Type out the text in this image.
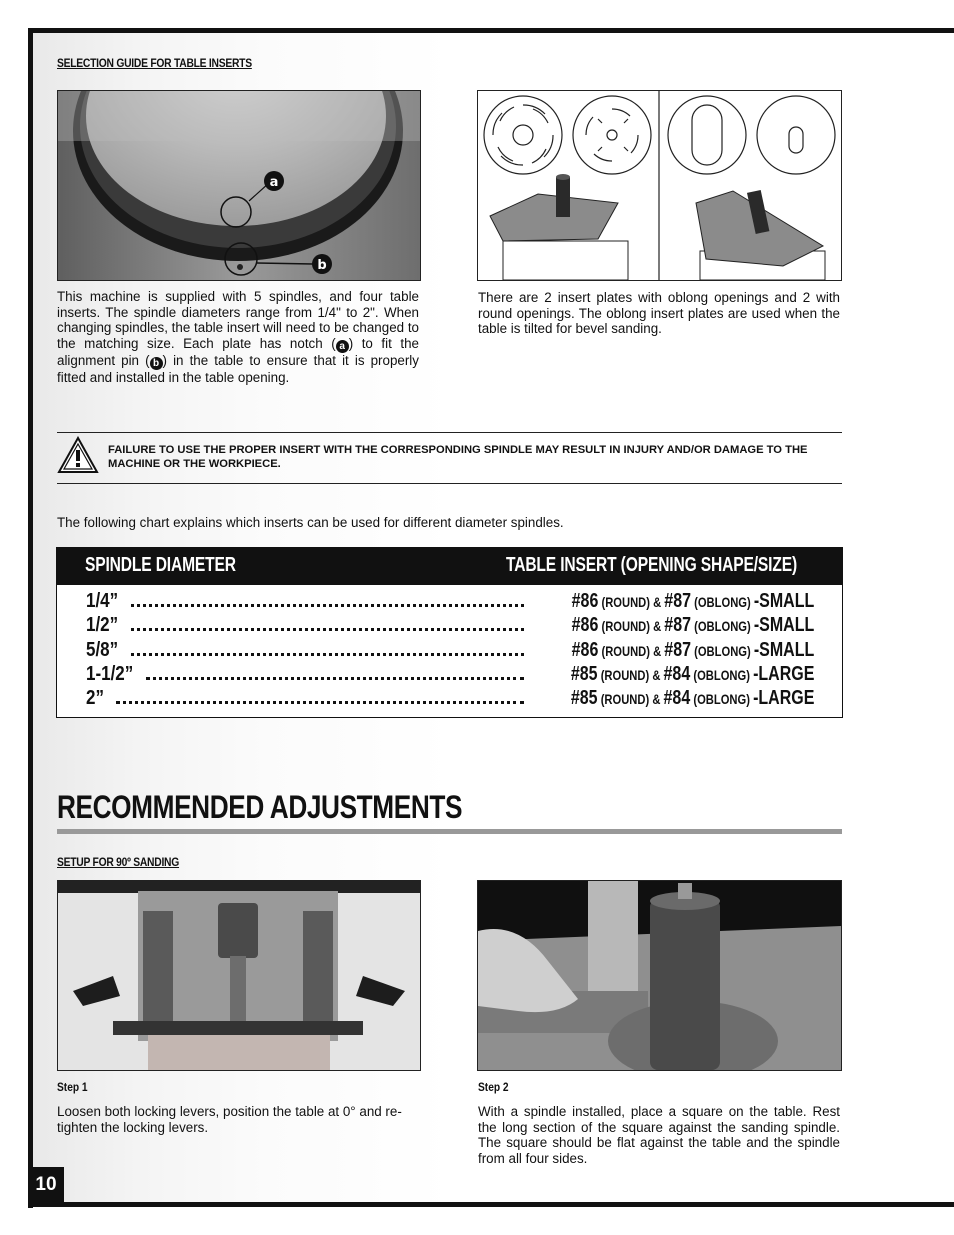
SELECTION GUIDE FOR TABLE INSERTS
a
b

This machine is supplied with 5 spindles, and four table inserts. The spindle diameters range from 1/4" to 2". When changing spindles, the table insert will need to be changed to the matching size. Each plate has notch ( a ) to fit the alignment pin ( b ) in the table to ensure that it is properly fitted and installed in the table opening.

There are 2 insert plates with oblong openings and 2 with round openings. The oblong insert plates are used when the table is tilted for bevel sanding.

FAILURE TO USE THE PROPER INSERT WITH THE CORRESPONDING SPINDLE MAY RESULT IN INJURY AND/OR DAMAGE TO THE MACHINE OR THE WORKPIECE.

The following chart explains which inserts can be used for different diameter spindles.

SPINDLE DIAMETER	TABLE INSERT (OPENING SHAPE/SIZE)
1/4”	#86 (ROUND) & #87 (OBLONG) -SMALL
1/2”	#86 (ROUND) & #87 (OBLONG) -SMALL
5/8”	#86 (ROUND) & #87 (OBLONG) -SMALL
1-1/2”	#85 (ROUND) & #84 (OBLONG) -LARGE
2”	#85 (ROUND) & #84 (OBLONG) -LARGE
RECOMMENDED ADJUSTMENTS
SETUP FOR 90º SANDING
Step 1

Loosen both locking levers, position the table at 0° and re-tighten the locking levers.

Step 2

With a spindle installed, place a square on the table. Rest the long section of the square against the sanding spindle. The square should be flat against the table and the spindle from all four sides.

10
